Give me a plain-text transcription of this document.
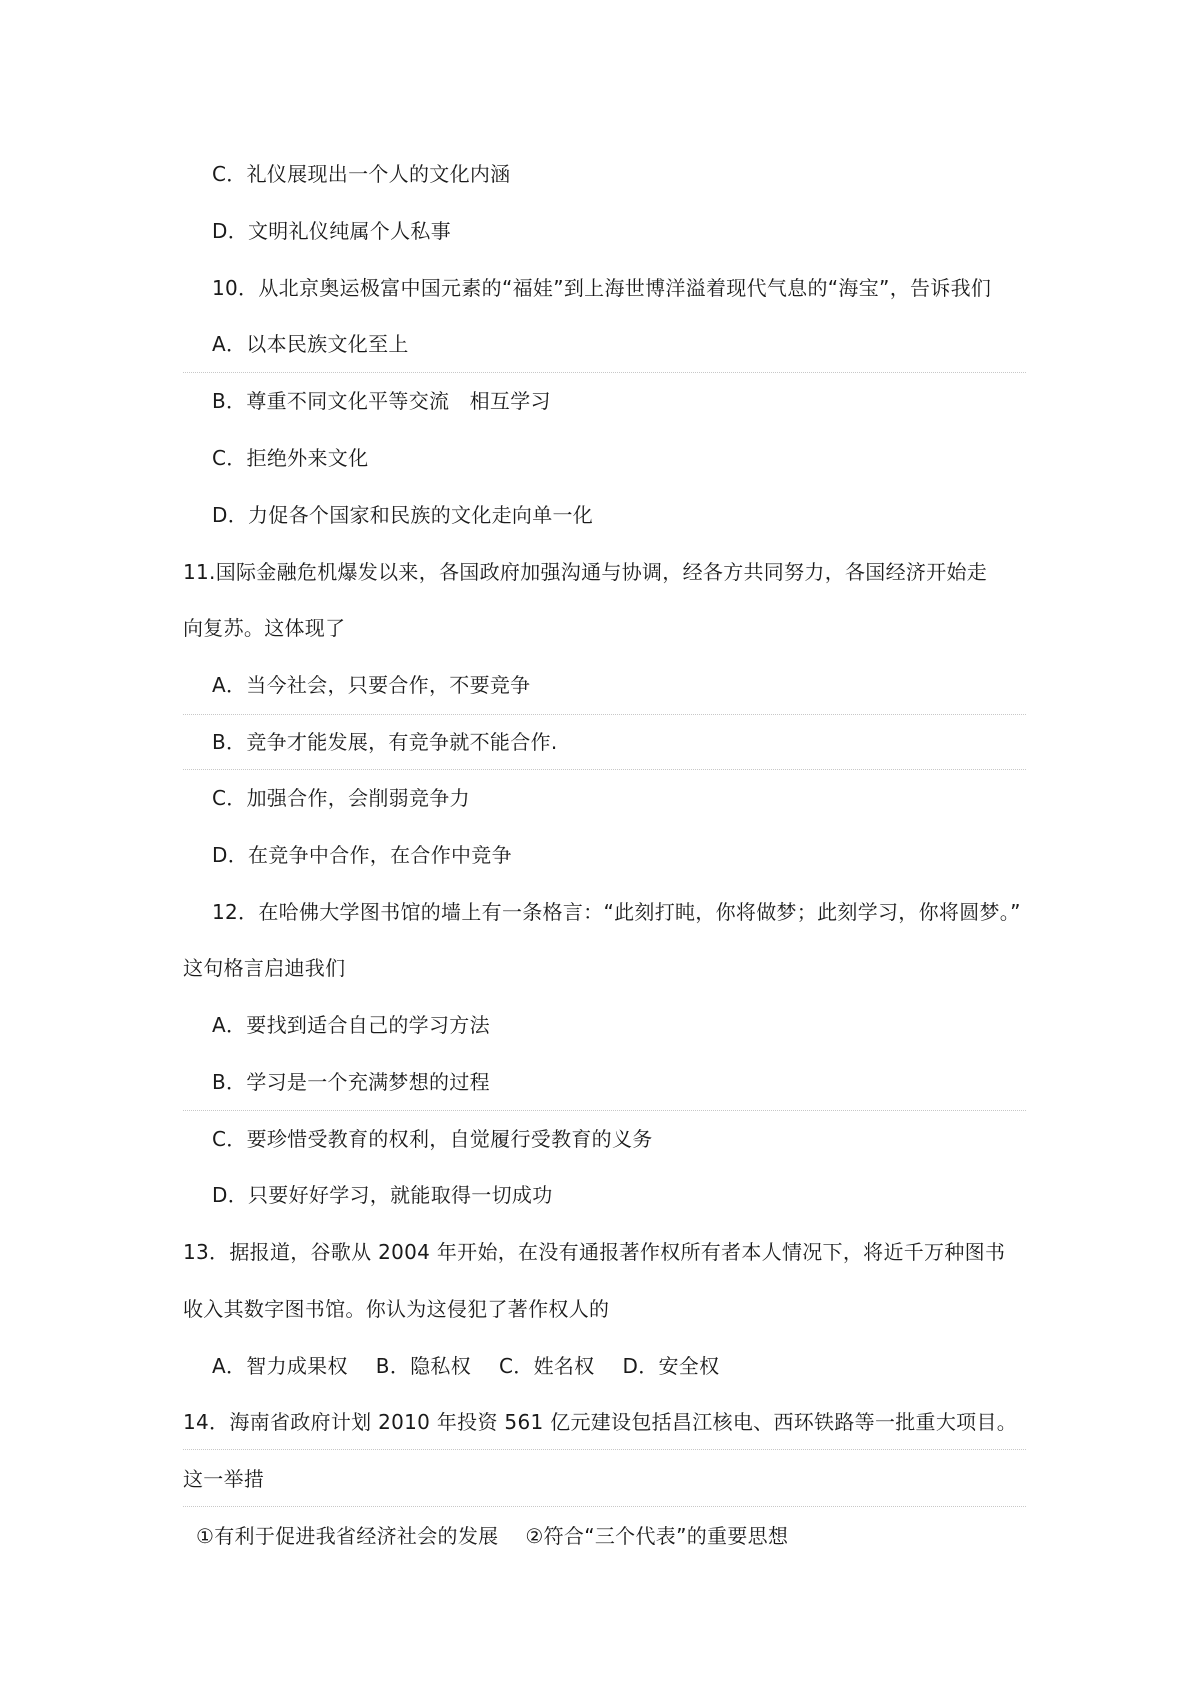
C．礼仪展现出一个人的文化内涵
D．文明礼仪纯属个人私事
10．从北京奥运极富中国元素的“福娃”到上海世博洋溢着现代气息的“海宝”，告诉我们
A．以本民族文化至上
B．尊重不同文化平等交流　相互学习
C．拒绝外来文化
D．力促各个国家和民族的文化走向单一化
11.国际金融危机爆发以来，各国政府加强沟通与协调，经各方共同努力，各国经济开始走
向复苏。这体现了
A．当今社会，只要合作，不要竞争
B．竞争才能发展，有竞争就不能合作.
C．加强合作，会削弱竞争力
D．在竞争中合作，在合作中竞争
12．在哈佛大学图书馆的墙上有一条格言：“此刻打盹，你将做梦；此刻学习，你将圆梦。”
这句格言启迪我们
A．要找到适合自己的学习方法
B．学习是一个充满梦想的过程
C．要珍惜受教育的权利，自觉履行受教育的义务
D．只要好好学习，就能取得一切成功
13．据报道，谷歌从 2004 年开始，在没有通报著作权所有者本人情况下，将近千万种图书
收入其数字图书馆。你认为这侵犯了著作权人的
A．智力成果权 B．隐私权 C．姓名权 D．安全权
14．海南省政府计划 2010 年投资 561 亿元建设包括昌江核电、西环铁路等一批重大项目。
这一举措
①有利于促进我省经济社会的发展　 ②符合“三个代表”的重要思想
